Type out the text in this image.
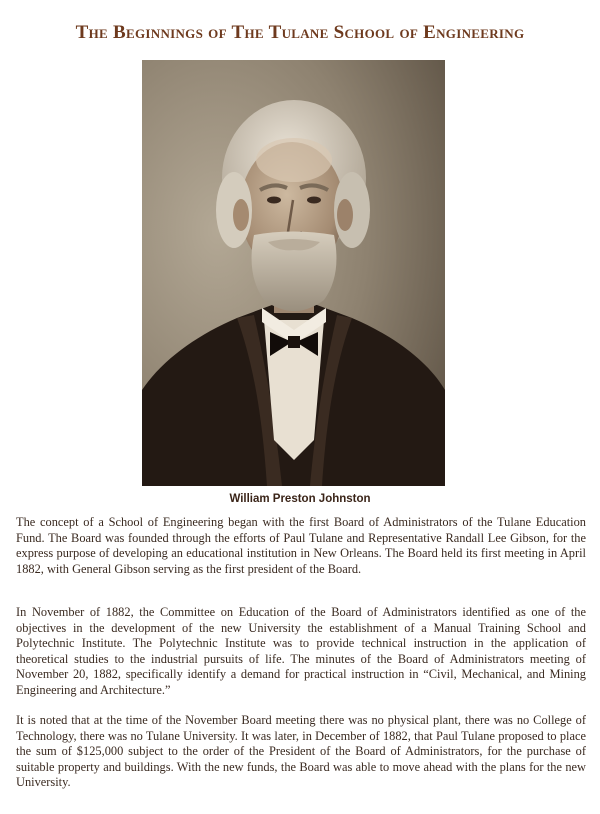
The Beginnings of The Tulane School of Engineering
William Preston Johnston

The concept of a School of Engineering began with the first Board of Administrators of the Tulane Education Fund. The Board was founded through the efforts of Paul Tulane and Representative Randall Lee Gibson, for the express purpose of developing an educational institution in New Orleans. The Board held its first meeting in April 1882, with General Gibson serving as the first president of the Board.

In November of 1882, the Committee on Education of the Board of Administrators identified as one of the objectives in the development of the new University the establishment of a Manual Training School and Polytechnic Institute. The Polytechnic Institute was to provide technical instruction in the application of theoretical studies to the industrial pursuits of life. The minutes of the Board of Administrators meeting of November 20, 1882, specifically identify a demand for practical instruction in “Civil, Mechanical, and Mining Engineering and Architecture.”

It is noted that at the time of the November Board meeting there was no physical plant, there was no College of Technology, there was no Tulane University. It was later, in December of 1882, that Paul Tulane proposed to place the sum of $125,000 subject to the order of the President of the Board of Administrators, for the purchase of suitable property and buildings. With the new funds, the Board was able to move ahead with the plans for the new University.
